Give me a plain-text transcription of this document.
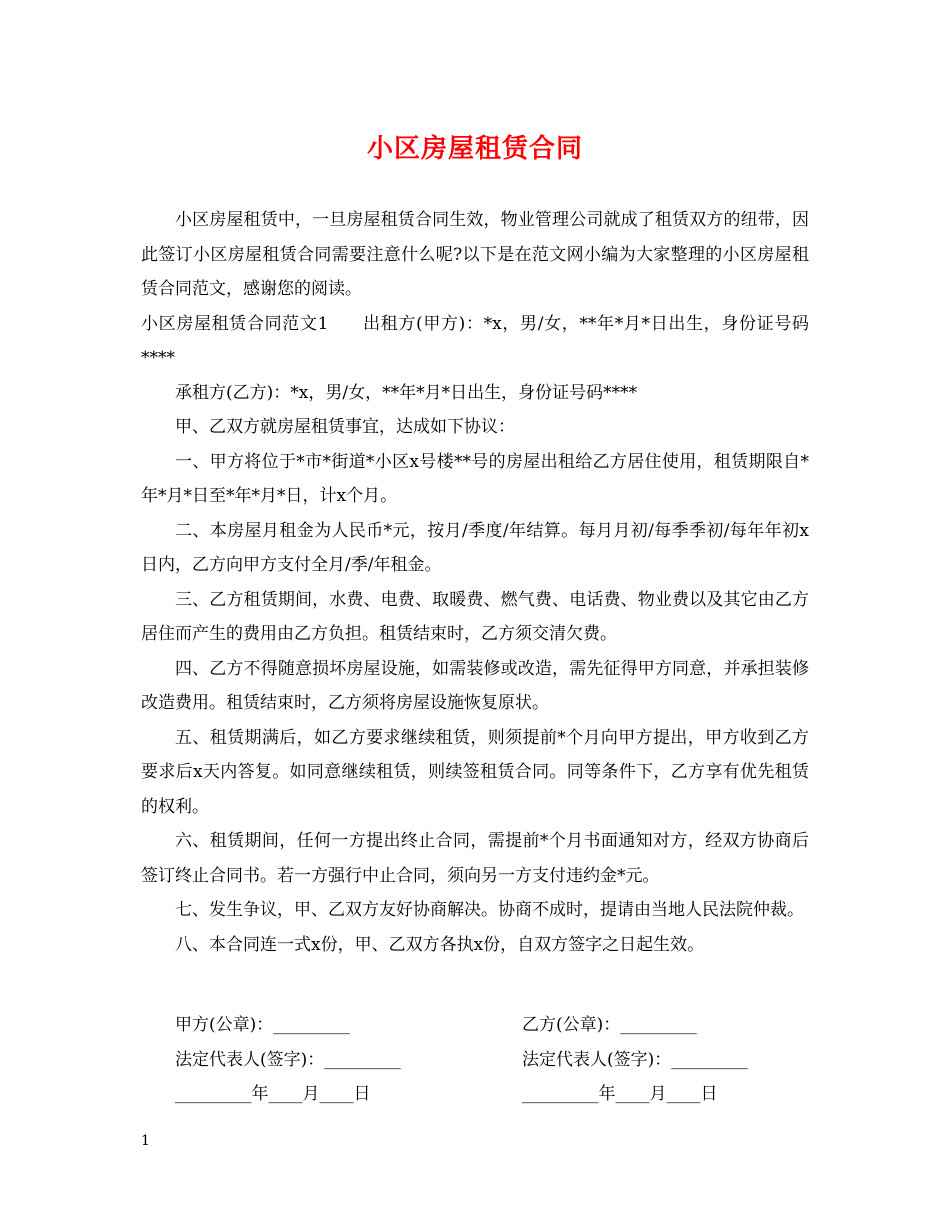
小区房屋租赁合同

小区房屋租赁中，一旦房屋租赁合同生效，物业管理公司就成了租赁双方的纽带，因此签订小区房屋租赁合同需要注意什么呢?以下是在范文网小编为大家整理的小区房屋租赁合同范文，感谢您的阅读。

小区房屋租赁合同范文1 出租方(甲方)：*x，男/女，**年*月*日出生，身份证号码****

承租方(乙方)：*x，男/女，**年*月*日出生，身份证号码****

甲、乙双方就房屋租赁事宜，达成如下协议：

一、甲方将位于*市*街道*小区x号楼**号的房屋出租给乙方居住使用，租赁期限自*年*月*日至*年*月*日，计x个月。

二、本房屋月租金为人民币*元，按月/季度/年结算。每月月初/每季季初/每年年初x日内，乙方向甲方支付全月/季/年租金。

三、乙方租赁期间，水费、电费、取暖费、燃气费、电话费、物业费以及其它由乙方居住而产生的费用由乙方负担。租赁结束时，乙方须交清欠费。

四、乙方不得随意损坏房屋设施，如需装修或改造，需先征得甲方同意，并承担装修改造费用。租赁结束时，乙方须将房屋设施恢复原状。

五、租赁期满后，如乙方要求继续租赁，则须提前*个月向甲方提出，甲方收到乙方要求后x天内答复。如同意继续租赁，则续签租赁合同。同等条件下，乙方享有优先租赁的权利。

六、租赁期间，任何一方提出终止合同，需提前*个月书面通知对方，经双方协商后签订终止合同书。若一方强行中止合同，须向另一方支付违约金*元。

七、发生争议，甲、乙双方友好协商解决。协商不成时，提请由当地人民法院仲裁。

八、本合同连一式x份，甲、乙双方各执x份，自双方签字之日起生效。

甲方(公章)：_________	乙方(公章)：_________
法定代表人(签字)：_________	法定代表人(签字)：_________
_________年____月____日	_________年____月____日
1
